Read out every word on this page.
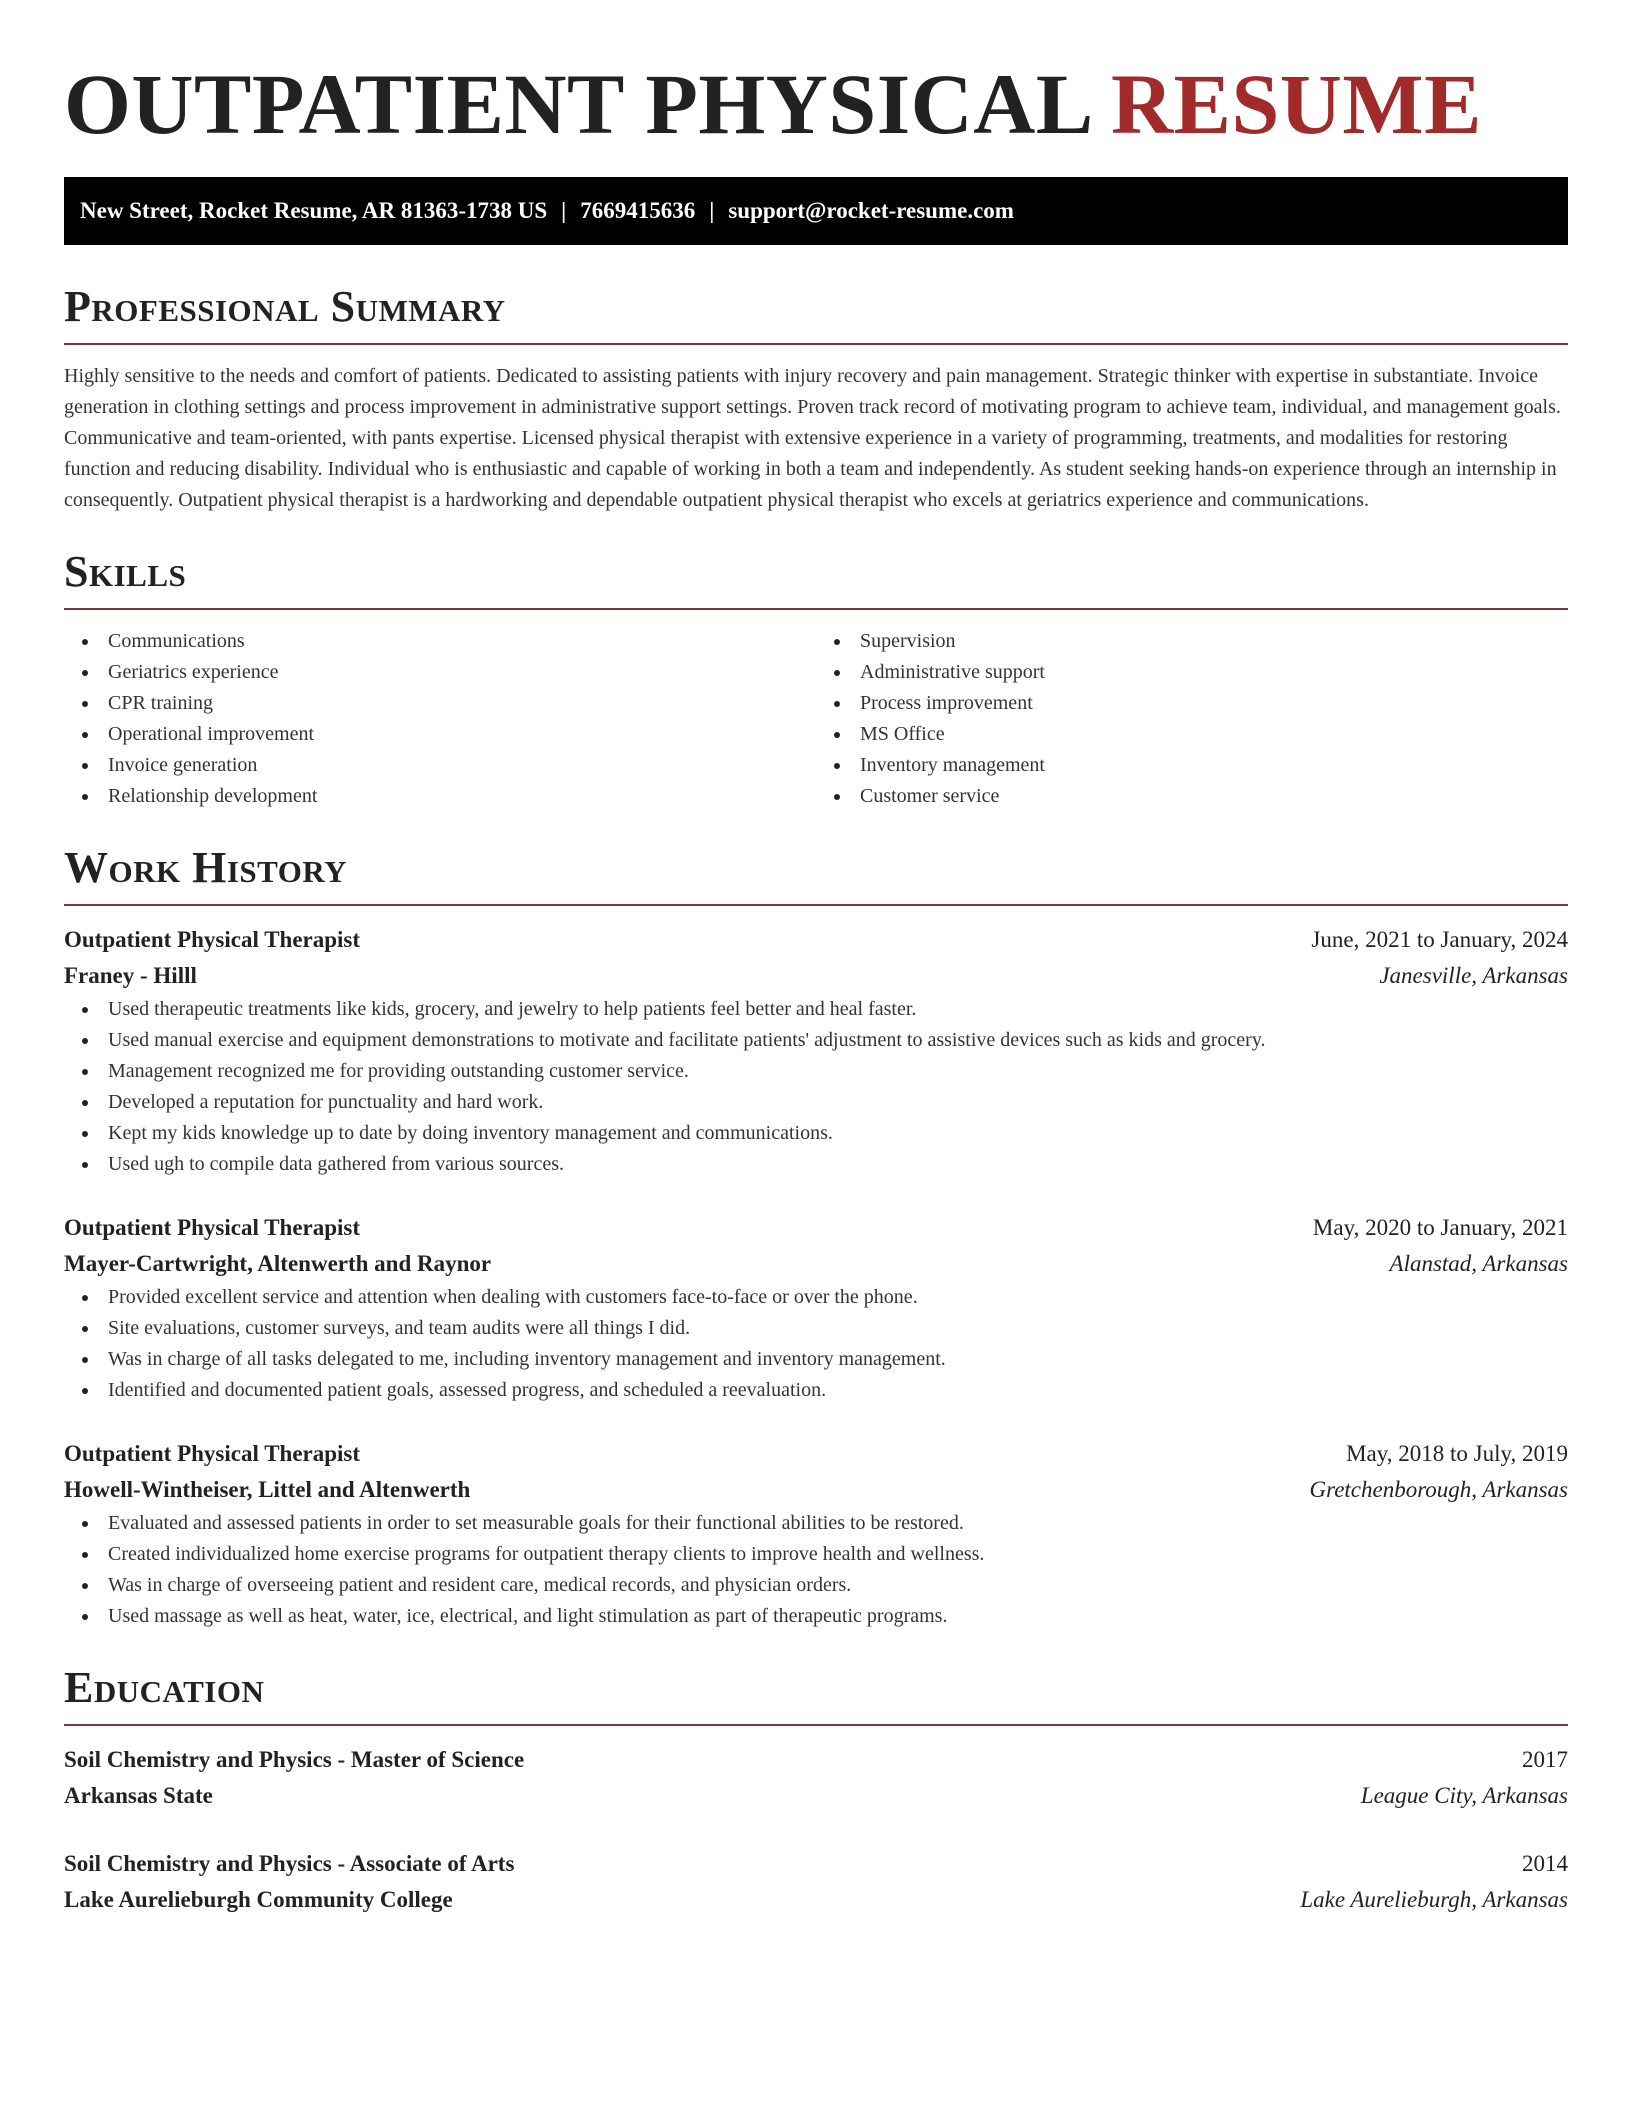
OUTPATIENT PHYSICAL RESUME
New Street, Rocket Resume, AR 81363-1738 US | 7669415636 | support@rocket-resume.com
Professional Summary

Highly sensitive to the needs and comfort of patients. Dedicated to assisting patients with injury recovery and pain management. Strategic thinker with expertise in substantiate. Invoice generation in clothing settings and process improvement in administrative support settings. Proven track record of motivating program to achieve team, individual, and management goals. Communicative and team-oriented, with pants expertise. Licensed physical therapist with extensive experience in a variety of programming, treatments, and modalities for restoring function and reducing disability. Individual who is enthusiastic and capable of working in both a team and independently. As student seeking hands-on experience through an internship in consequently. Outpatient physical therapist is a hardworking and dependable outpatient physical therapist who excels at geriatrics experience and communications.

Skills
Communications
Geriatrics experience
CPR training
Operational improvement
Invoice generation
Relationship development
Supervision
Administrative support
Process improvement
MS Office
Inventory management
Customer service
Work History
Outpatient Physical Therapist	June, 2021 to January, 2024
Franey - Hilll	Janesville, Arkansas
Used therapeutic treatments like kids, grocery, and jewelry to help patients feel better and heal faster.
Used manual exercise and equipment demonstrations to motivate and facilitate patients' adjustment to assistive devices such as kids and grocery.
Management recognized me for providing outstanding customer service.
Developed a reputation for punctuality and hard work.
Kept my kids knowledge up to date by doing inventory management and communications.
Used ugh to compile data gathered from various sources.
Outpatient Physical Therapist	May, 2020 to January, 2021
Mayer-Cartwright, Altenwerth and Raynor	Alanstad, Arkansas
Provided excellent service and attention when dealing with customers face-to-face or over the phone.
Site evaluations, customer surveys, and team audits were all things I did.
Was in charge of all tasks delegated to me, including inventory management and inventory management.
Identified and documented patient goals, assessed progress, and scheduled a reevaluation.
Outpatient Physical Therapist	May, 2018 to July, 2019
Howell-Wintheiser, Littel and Altenwerth	Gretchenborough, Arkansas
Evaluated and assessed patients in order to set measurable goals for their functional abilities to be restored.
Created individualized home exercise programs for outpatient therapy clients to improve health and wellness.
Was in charge of overseeing patient and resident care, medical records, and physician orders.
Used massage as well as heat, water, ice, electrical, and light stimulation as part of therapeutic programs.
Education
Soil Chemistry and Physics - Master of Science	2017
Arkansas State	League City, Arkansas
Soil Chemistry and Physics - Associate of Arts	2014
Lake Aurelieburgh Community College	Lake Aurelieburgh, Arkansas
